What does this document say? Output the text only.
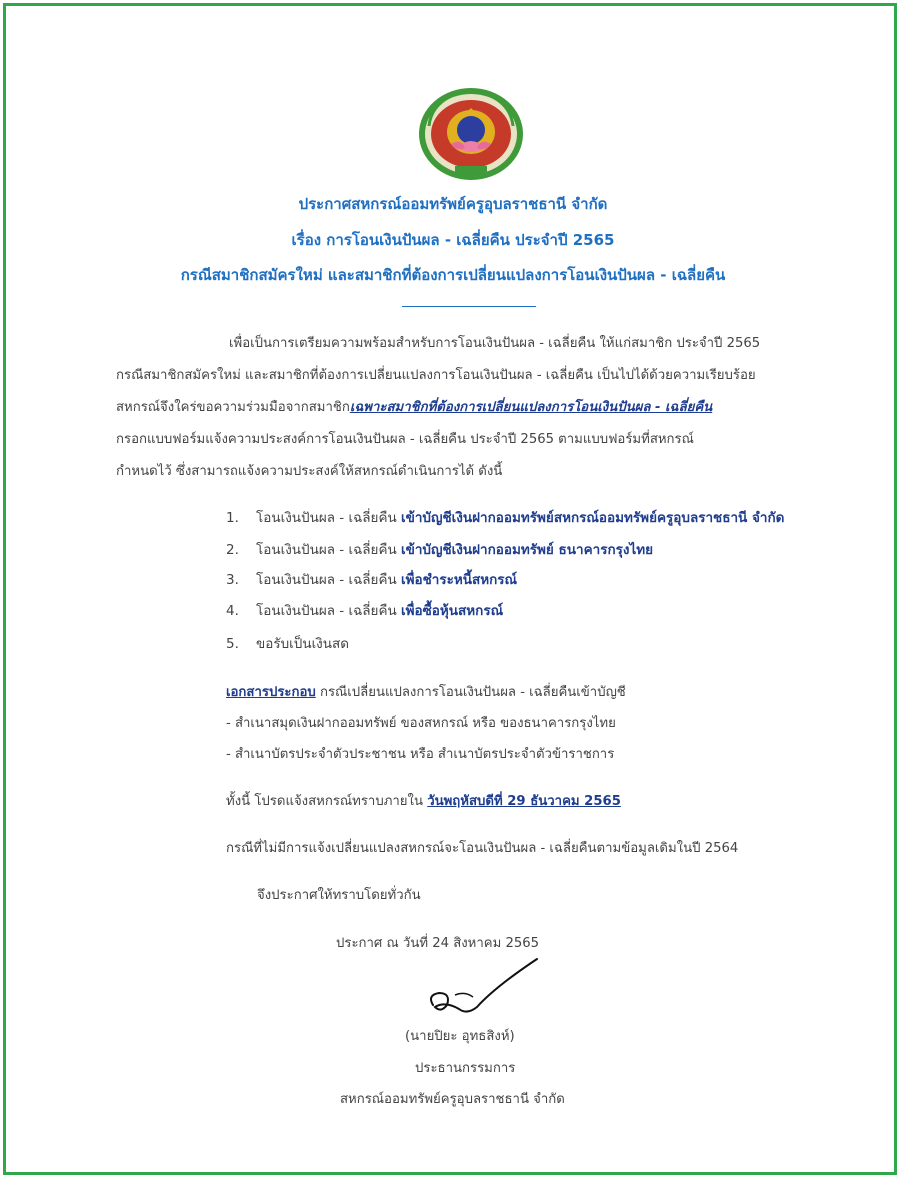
ประกาศสหกรณ์ออมทรัพย์ครูอุบลราชธานี จำกัด
เรื่อง การโอนเงินปันผล - เฉลี่ยคืน ประจำปี 2565
กรณีสมาชิกสมัครใหม่ และสมาชิกที่ต้องการเปลี่ยนแปลงการโอนเงินปันผล - เฉลี่ยคืน
เพื่อเป็นการเตรียมความพร้อมสำหรับการโอนเงินปันผล - เฉลี่ยคืน ให้แก่สมาชิก ประจำปี 2565
กรณีสมาชิกสมัครใหม่ และสมาชิกที่ต้องการเปลี่ยนแปลงการโอนเงินปันผล - เฉลี่ยคืน เป็นไปได้ด้วยความเรียบร้อย
สหกรณ์จึงใคร่ขอความร่วมมือจากสมาชิกเฉพาะสมาชิกที่ต้องการเปลี่ยนแปลงการโอนเงินปันผล - เฉลี่ยคืน
กรอกแบบฟอร์มแจ้งความประสงค์การโอนเงินปันผล - เฉลี่ยคืน ประจำปี 2565 ตามแบบฟอร์มที่สหกรณ์
กำหนดไว้ ซึ่งสามารถแจ้งความประสงค์ให้สหกรณ์ดำเนินการได้ ดังนี้
1. โอนเงินปันผล - เฉลี่ยคืน เข้าบัญชีเงินฝากออมทรัพย์สหกรณ์ออมทรัพย์ครูอุบลราชธานี จำกัด
2. โอนเงินปันผล - เฉลี่ยคืน เข้าบัญชีเงินฝากออมทรัพย์ ธนาคารกรุงไทย
3. โอนเงินปันผล - เฉลี่ยคืน เพื่อชำระหนี้สหกรณ์
4. โอนเงินปันผล - เฉลี่ยคืน เพื่อซื้อหุ้นสหกรณ์
5. ขอรับเป็นเงินสด
เอกสารประกอบ กรณีเปลี่ยนแปลงการโอนเงินปันผล - เฉลี่ยคืนเข้าบัญชี
- สำเนาสมุดเงินฝากออมทรัพย์ ของสหกรณ์ หรือ ของธนาคารกรุงไทย
- สำเนาบัตรประจำตัวประชาชน หรือ สำเนาบัตรประจำตัวข้าราชการ
ทั้งนี้ โปรดแจ้งสหกรณ์ทราบภายใน วันพฤหัสบดีที่ 29 ธันวาคม 2565
กรณีที่ไม่มีการแจ้งเปลี่ยนแปลงสหกรณ์จะโอนเงินปันผล - เฉลี่ยคืนตามข้อมูลเดิมในปี 2564
จึงประกาศให้ทราบโดยทั่วกัน
ประกาศ ณ วันที่ 24 สิงหาคม 2565
(นายปิยะ อุทธสิงห์)
ประธานกรรมการ
สหกรณ์ออมทรัพย์ครูอุบลราชธานี จำกัด
